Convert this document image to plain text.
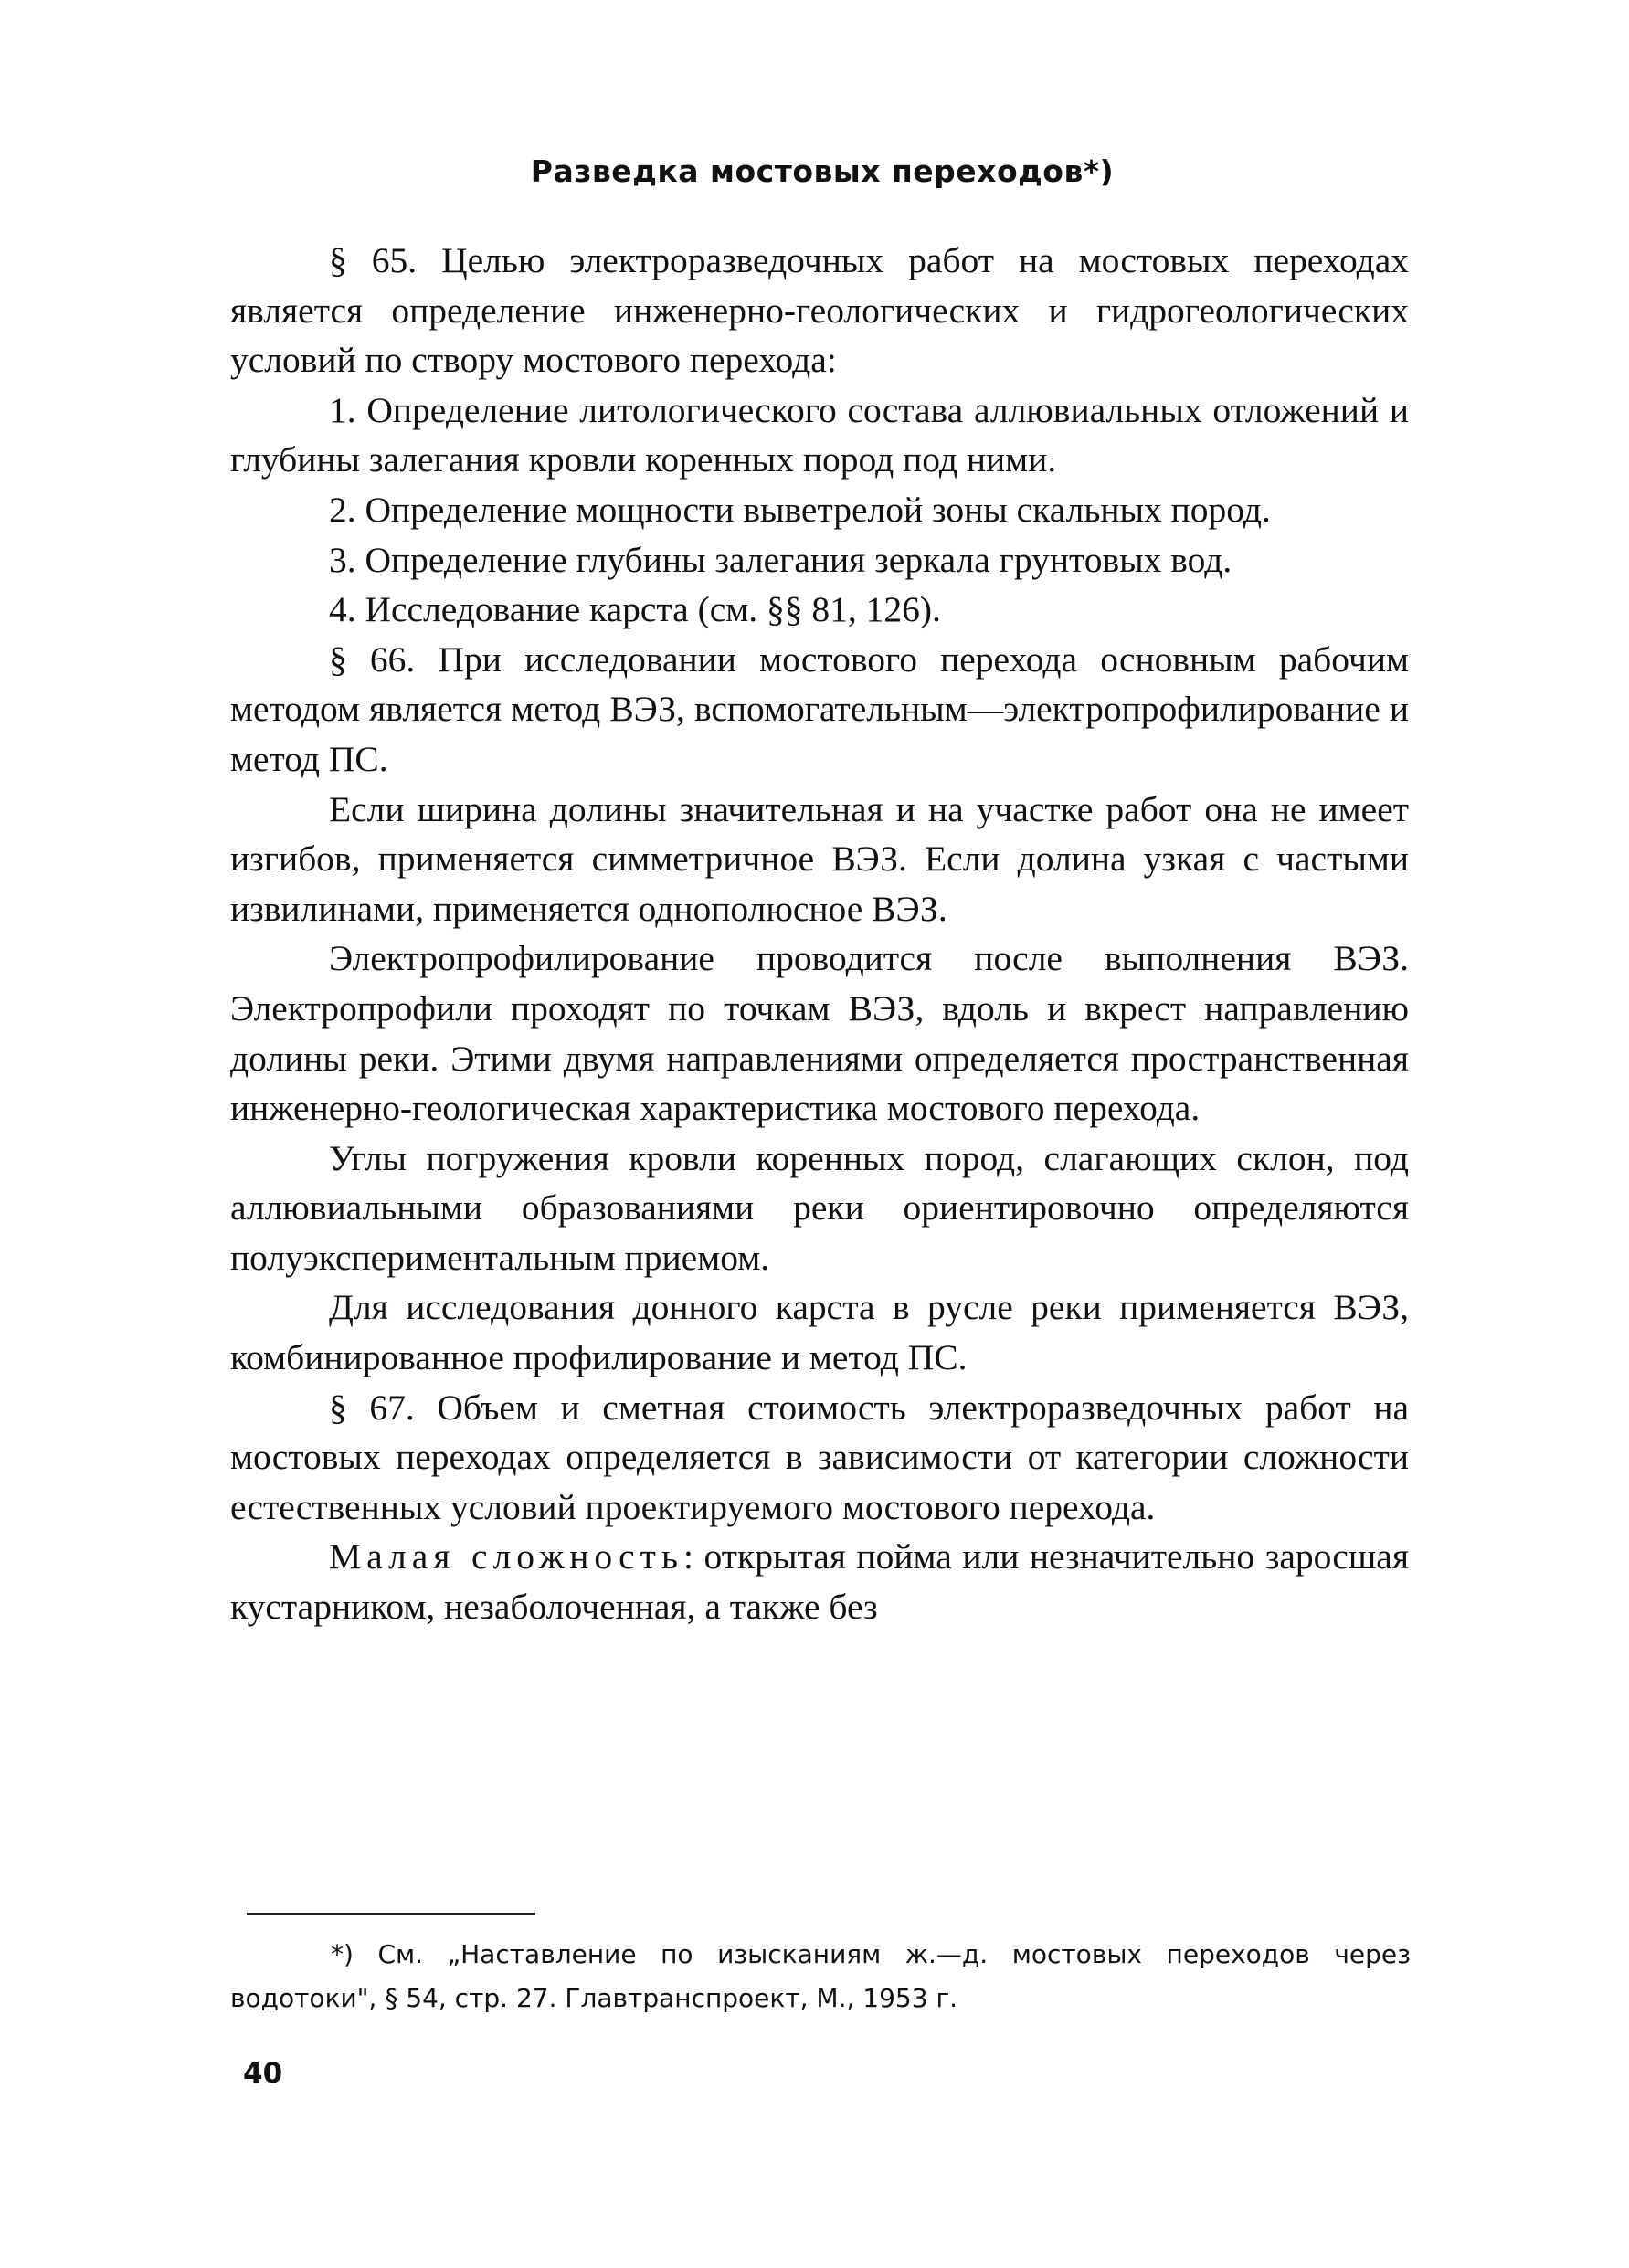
Разведка мостовых переходов*)

§ 65. Целью электроразведочных работ на мостовых переходах является определение инженерно-геологических и гидрогеологических условий по створу мостового перехода:

1. Определение литологического состава аллювиальных отложений и глубины залегания кровли коренных пород под ними.

2. Определение мощности выветрелой зоны скальных пород.

3. Определение глубины залегания зеркала грунтовых вод.

4. Исследование карста (см. §§ 81, 126).

§ 66. При исследовании мостового перехода основным рабочим методом является метод ВЭЗ, вспомогательным—электропрофилирование и метод ПС.

Если ширина долины значительная и на участке работ она не имеет изгибов, применяется симметричное ВЭЗ. Если долина узкая с частыми извилинами, применяется однополюсное ВЭЗ.

Электропрофилирование проводится после выполнения ВЭЗ. Электропрофили проходят по точкам ВЭЗ, вдоль и вкрест направлению долины реки. Этими двумя направлениями определяется пространственная инженерно-геологическая характеристика мостового перехода.

Углы погружения кровли коренных пород, слагающих склон, под аллювиальными образованиями реки ориентировочно определяются полуэкспериментальным приемом.

Для исследования донного карста в русле реки применяется ВЭЗ, комбинированное профилирование и метод ПС.

§ 67. Объем и сметная стоимость электроразведочных работ на мостовых переходах определяется в зависимости от категории сложности естественных условий проектируемого мостового перехода.

Малая сложность: открытая пойма или незначительно заросшая кустарником, незаболоченная, а также без

*) См. „Наставление по изысканиям ж.—д. мостовых переходов через водотоки", § 54, стр. 27. Главтранспроект, М., 1953 г.
40
